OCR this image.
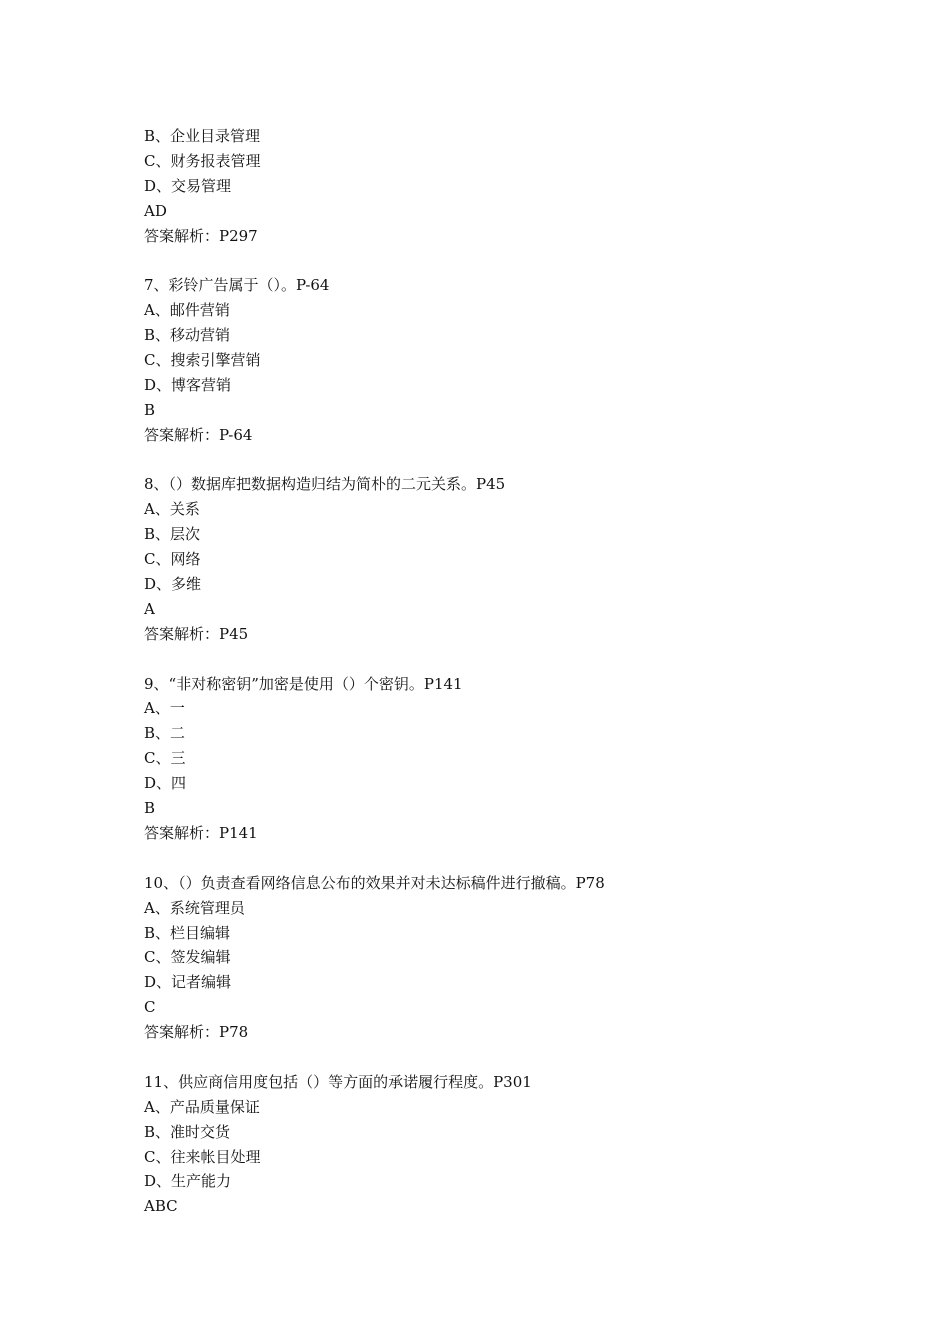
B、企业目录管理
C、财务报表管理
D、交易管理
AD
答案解析：P297
7、彩铃广告属于（）。P-64
A、邮件营销
B、移动营销
C、搜索引擎营销
D、博客营销
B
答案解析：P-64
8、（）数据库把数据构造归结为简朴的二元关系。P45
A、关系
B、层次
C、网络
D、多维
A
答案解析：P45
9、“非对称密钥”加密是使用（）个密钥。P141
A、一
B、二
C、三
D、四
B
答案解析：P141
10、（）负责查看网络信息公布的效果并对未达标稿件进行撤稿。P78
A、系统管理员
B、栏目编辑
C、签发编辑
D、记者编辑
C
答案解析：P78
11、供应商信用度包括（）等方面的承诺履行程度。P301
A、产品质量保证
B、准时交货
C、往来帐目处理
D、生产能力
ABC
